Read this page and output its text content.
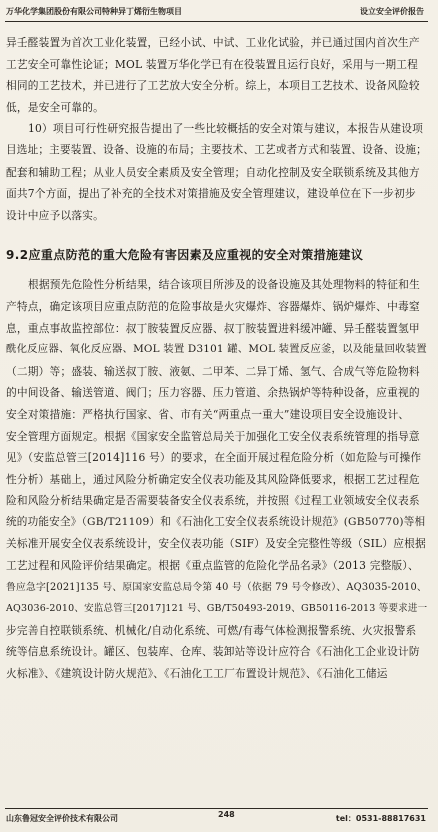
万华化学集团股份有限公司特种异丁烯衍生物项目	设立安全评价报告

异壬醛装置为首次工业化装置，已经小试、中试、工业化试验，并已通过国内首次生产
工艺安全可靠性论证；MOL 装置万华化学已有在役装置且运行良好，采用与一期工程
相同的工艺技术，并已进行了工艺放大安全分析。综上，本项目工艺技术、设备风险较
低，是安全可靠的。

10）项目可行性研究报告提出了一些比较概括的安全对策与建议，本报告从建设项
目选址；主要装置、设备、设施的布局；主要技术、工艺或者方式和装置、设备、设施；
配套和辅助工程；从业人员安全素质及安全管理；自动化控制及安全联锁系统及其他方
面共7个方面，提出了补充的全技术对策措施及安全管理建议，建设单位在下一步初步
设计中应予以落实。

9.2应重点防范的重大危险有害因素及应重视的安全对策措施建议

根据预先危险性分析结果，结合该项目所涉及的设备设施及其处理物料的特征和生
产特点，确定该项目应重点防范的危险事故是火灾爆炸、容器爆炸、锅炉爆炸、中毒窒
息，重点事故监控部位：叔丁胺装置反应器、叔丁胺装置进料缓冲罐、异壬醛装置氢甲
酰化反应器、氧化反应器、MOL 装置 D3101 罐、MOL 装置反应釜，以及能量回收装置
（二期）等；盛装、输送叔丁胺、液氨、二甲苯、二异丁烯、氢气、合成气等危险物料
的中间设备、输送管道、阀门；压力容器、压力管道、余热锅炉等特种设备，应重视的
安全对策措施：严格执行国家、省、市有关“两重点一重大”建设项目安全设施设计、
安全管理方面规定。根据《国家安全监管总局关于加强化工安全仪表系统管理的指导意
见》（安监总管三[2014]116 号）的要求，在全面开展过程危险分析（如危险与可操作
性分析）基础上，通过风险分析确定安全仪表功能及其风险降低要求，根据工艺过程危
险和风险分析结果确定是否需要装备安全仪表系统，并按照《过程工业领域安全仪表系
统的功能安全》（GB/T21109）和《石油化工安全仪表系统设计规范》(GB50770)等相
关标准开展安全仪表系统设计，安全仪表功能（SIF）及安全完整性等级（SIL）应根据
工艺过程和风险评价结果确定。根据《重点监管的危险化学品名录》（2013 完整版）、
鲁应急字[2021]135 号、原国家安监总局令第 40 号（依据 79 号令修改）、AQ3035-2010、
AQ3036-2010、安监总管三[2017]121 号、GB/T50493-2019、GB50116-2013 等要求进一
步完善自控联锁系统、机械化/自动化系统、可燃/有毒气体检测报警系统、火灾报警系
统等信息系统设计。罐区、包装库、仓库、装卸站等设计应符合《石油化工企业设计防
火标准》、《建筑设计防火规范》、《石油化工工厂布置设计规范》、《石油化工储运

山东鲁冠安全评价技术有限公司	248	tel：0531-88817631
